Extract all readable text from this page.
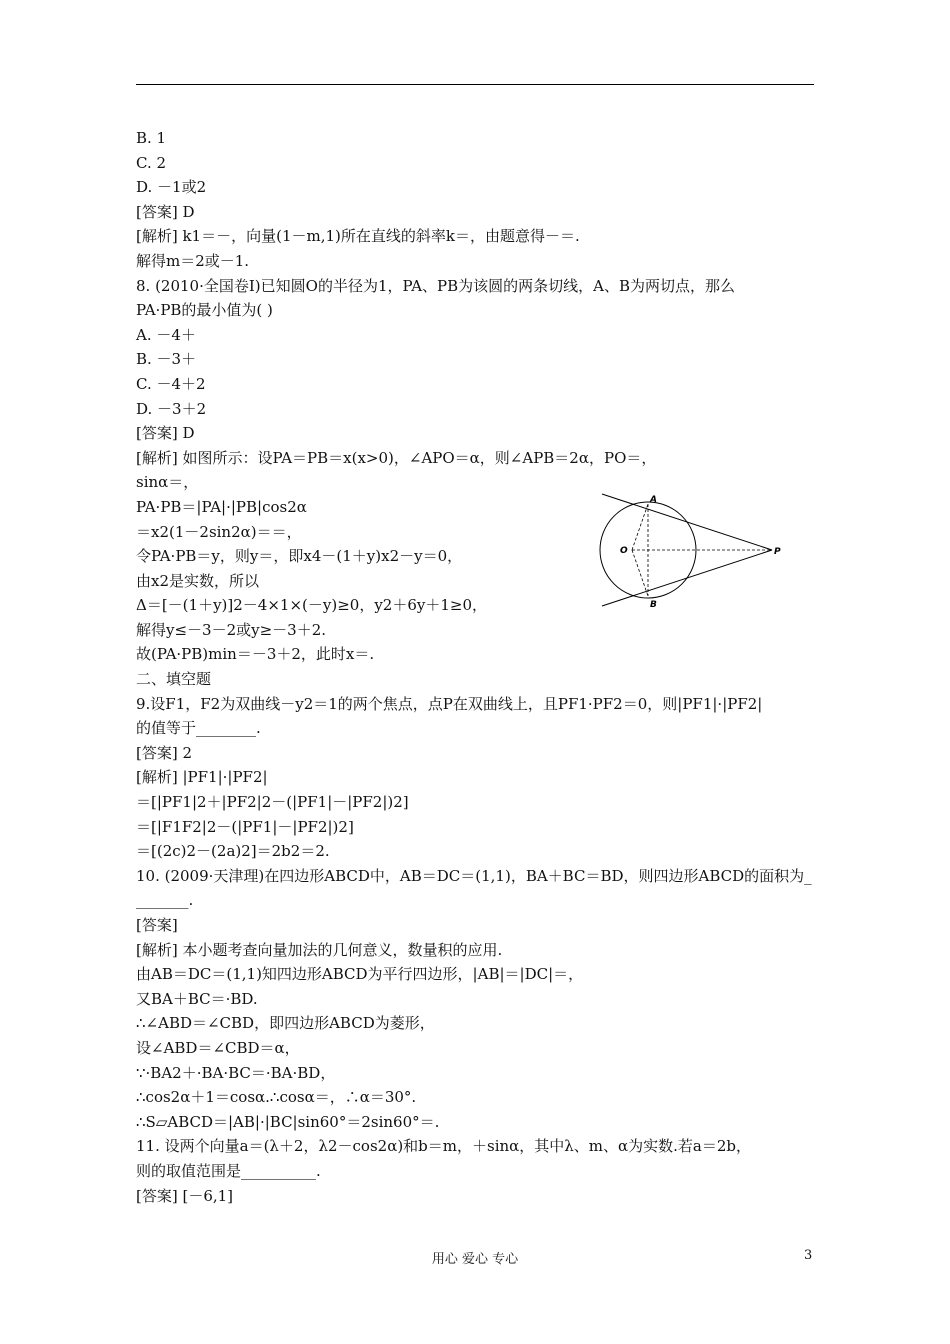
B. 1
C. 2
D. －1或2
[答案] D
[解析] k1＝－，向量(1－m,1)所在直线的斜率k＝，由题意得－＝.
解得m＝2或－1.
8. (2010·全国卷Ⅰ)已知圆O的半径为1，PA、PB为该圆的两条切线，A、B为两切点，那么
PA·PB的最小值为( )
A. －4＋
B. －3＋
C. －4＋2
D. －3＋2
[答案] D
[解析] 如图所示：设PA＝PB＝x(x>0)，∠APO＝α，则∠APB＝2α，PO＝，
sinα＝，
PA·PB＝|PA|·|PB|cos2α
＝x2(1－2sin2α)＝＝，
令PA·PB＝y，则y＝，即x4－(1＋y)x2－y＝0，
由x2是实数，所以
Δ＝[－(1＋y)]2－4×1×(－y)≥0，y2＋6y＋1≥0，
解得y≤－3－2或y≥－3＋2.
故(PA·PB)min＝－3＋2，此时x＝.
二、填空题
9.设F1，F2为双曲线－y2＝1的两个焦点，点P在双曲线上，且PF1·PF2＝0，则|PF1|·|PF2|
的值等于________.
[答案] 2
[解析] |PF1|·|PF2|
＝[|PF1|2＋|PF2|2－(|PF1|－|PF2|)2]
＝[|F1F2|2－(|PF1|－|PF2|)2]
＝[(2c)2－(2a)2]＝2b2＝2.
10. (2009·天津理)在四边形ABCD中，AB＝DC＝(1,1)，BA＋BC＝BD，则四边形ABCD的面积为_
_______.
[答案]
[解析] 本小题考查向量加法的几何意义，数量积的应用.
由AB＝DC＝(1,1)知四边形ABCD为平行四边形，|AB|＝|DC|＝，
又BA＋BC＝·BD.
∴∠ABD＝∠CBD，即四边形ABCD为菱形，
设∠ABD＝∠CBD＝α，
∵·BA2＋·BA·BC＝·BA·BD，
∴cos2α＋1＝cosα.∴cosα＝，∴α＝30°.
∴S▱ABCD＝|AB|·|BC|sin60°＝2sin60°＝.
11. 设两个向量a＝(λ＋2，λ2－cos2α)和b＝m，＋sinα，其中λ、m、α为实数.若a＝2b，
则的取值范围是__________.
[答案] [－6,1]
A
B
O	P
用心 爱心 专心	3
